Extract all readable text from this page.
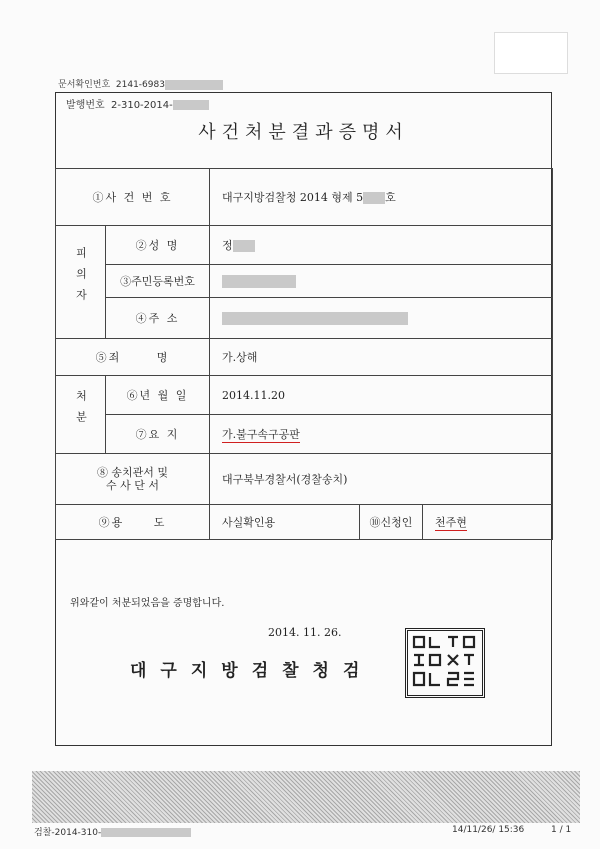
문서확인번호 2141-6983
발행번호 2-310-2014-
사건처분결과증명서
①사 건 번 호		대구지방검찰청 2014 형제 5 호		
피의자	②성 명	정		
	③주민등록번호			
	④주 소			
⑤죄 명		가.상해		
처분	⑥년 월 일	2014.11.20		
	⑦요 지	가.불구속구공판		
⑧ 송치관서 및
수 사 단 서		대구북부경찰서(경찰송치)		
⑨용 도		사실확인용	⑩신청인	천주현
위와같이 처분되었음을 증명합니다.
2014. 11. 26.
대구지방검찰청검
검찰-2014-310-	14/11/26/ 15:36	1 / 1
